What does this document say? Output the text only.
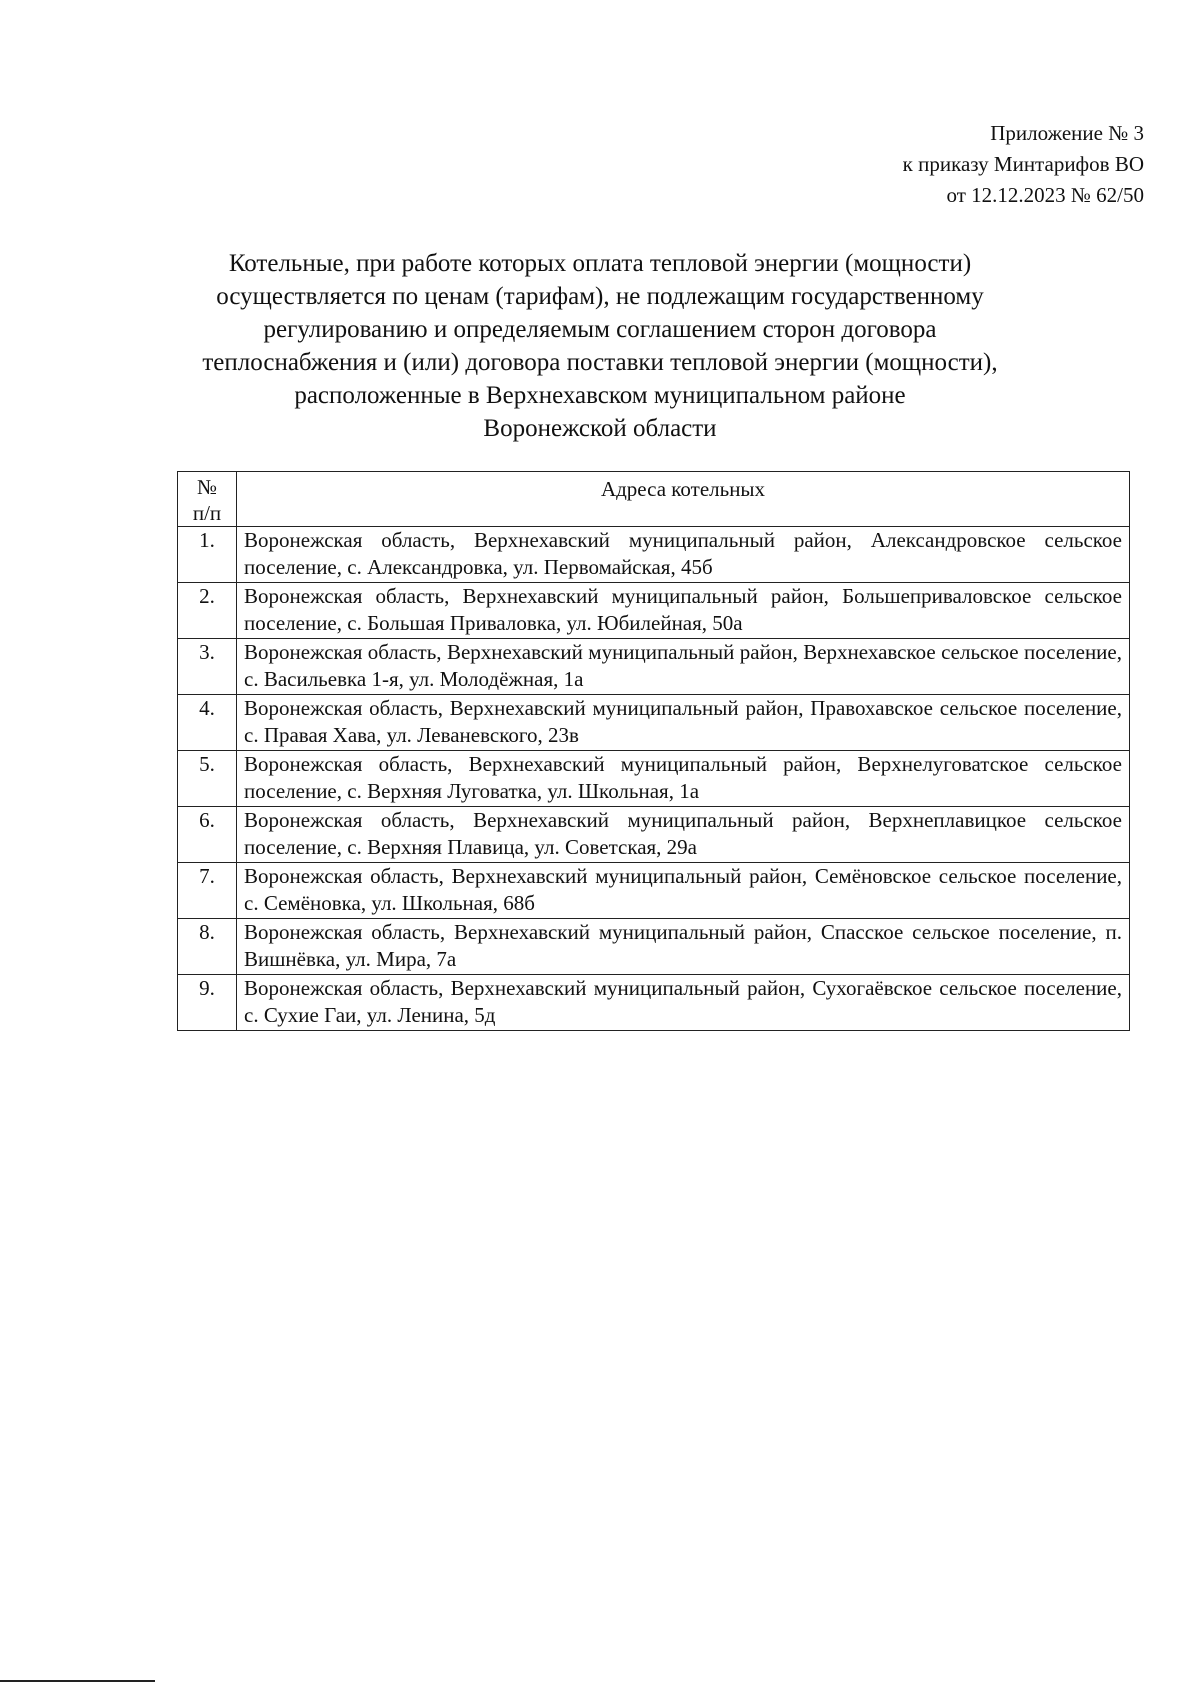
Приложение № 3
к приказу Минтарифов ВО
от 12.12.2023 № 62/50
Котельные, при работе которых оплата тепловой энергии (мощности)
осуществляется по ценам (тарифам), не подлежащим государственному
регулированию и определяемым соглашением сторон договора
теплоснабжения и (или) договора поставки тепловой энергии (мощности),
расположенные в Верхнехавском муниципальном районе
Воронежской области
№
п/п	Адреса котельных
1.	Воронежская область, Верхнехавский муниципальный район, Александровское сельское поселение, с. Александровка, ул. Первомайская, 45б
2.	Воронежская область, Верхнехавский муниципальный район, Большеприваловское сельское поселение, с. Большая Приваловка, ул. Юбилейная, 50а
3.	Воронежская область, Верхнехавский муниципальный район, Верхнехавское сельское поселение, с. Васильевка 1-я, ул. Молодёжная, 1а
4.	Воронежская область, Верхнехавский муниципальный район, Правохавское сельское поселение, с. Правая Хава, ул. Леваневского, 23в
5.	Воронежская область, Верхнехавский муниципальный район, Верхнелуговатское сельское поселение, с. Верхняя Луговатка, ул. Школьная, 1а
6.	Воронежская область, Верхнехавский муниципальный район, Верхнеплавицкое сельское поселение, с. Верхняя Плавица, ул. Советская, 29а
7.	Воронежская область, Верхнехавский муниципальный район, Семёновское сельское поселение, с. Семёновка, ул. Школьная, 68б
8.	Воронежская область, Верхнехавский муниципальный район, Спасское сельское поселение, п. Вишнёвка, ул. Мира, 7а
9.	Воронежская область, Верхнехавский муниципальный район, Сухогаёвское сельское поселение, с. Сухие Гаи, ул. Ленина, 5д
